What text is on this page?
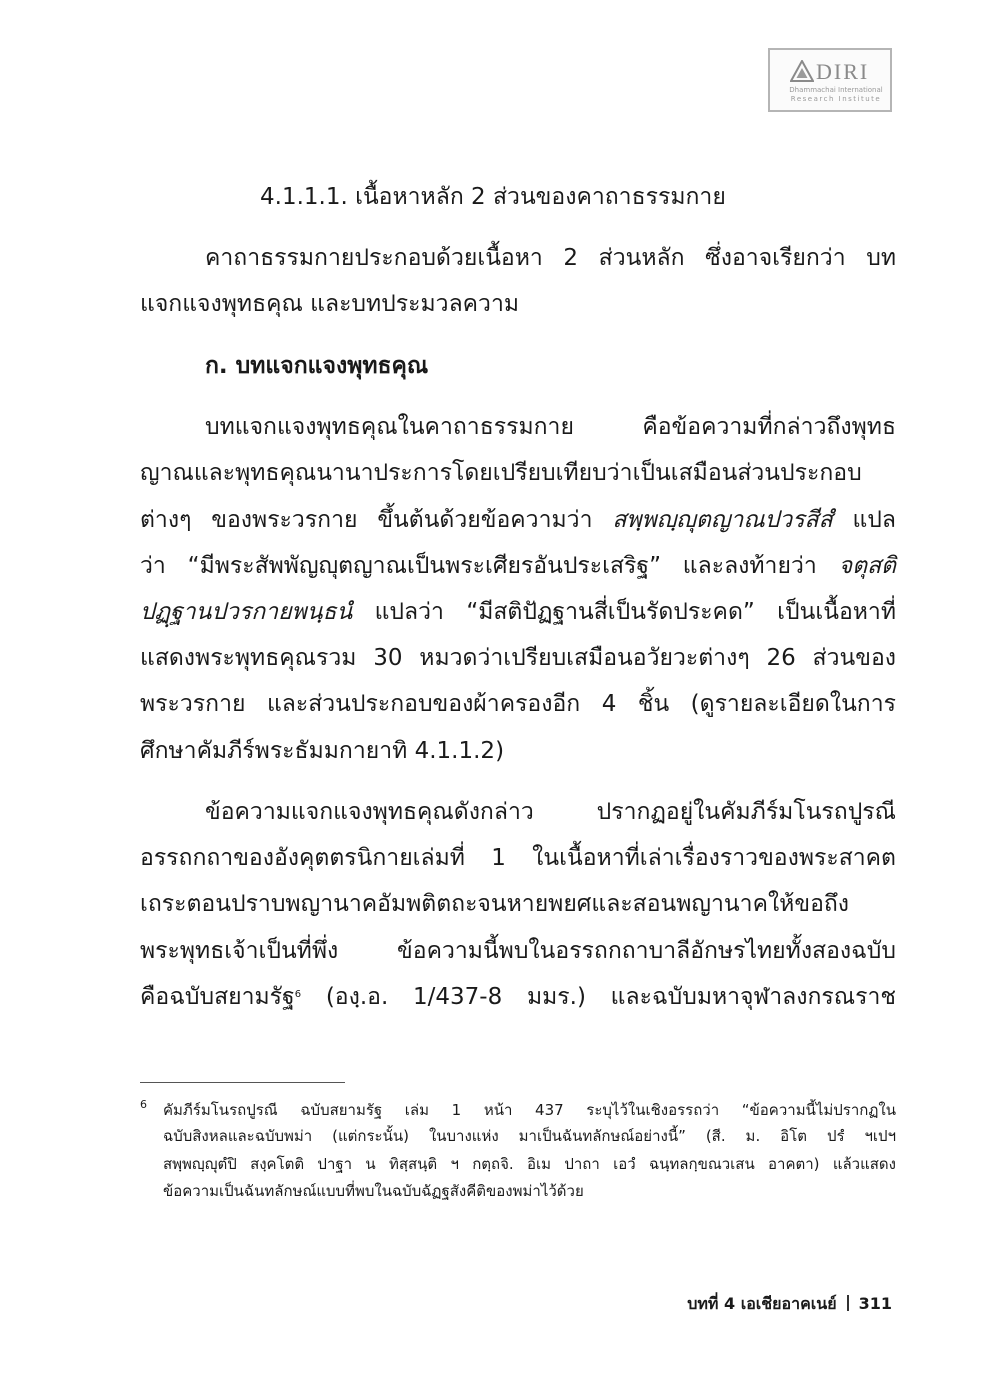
DIRI
Dhammachai International
Research Institute
4.1.1.1. เนื้อหาหลัก 2 ส่วนของคาถาธรรมกาย
คาถาธรรมกายประกอบด้วยเนื้อหา 2 ส่วนหลัก ซึ่งอาจเรียกว่า บท
แจกแจงพุทธคุณ และบทประมวลความ
ก. บทแจกแจงพุทธคุณ
บทแจกแจงพุทธคุณในคาถาธรรมกาย คือข้อความที่กล่าวถึงพุทธ
ญาณและพุทธคุณนานาประการโดยเปรียบเทียบว่าเป็นเสมือนส่วนประกอบ
ต่างๆ ของพระวรกาย ขึ้นต้นด้วยข้อความว่า สพฺพญฺญุตญาณปวรสีสํ แปล
ว่า “มีพระสัพพัญญุตญาณเป็นพระเศียรอันประเสริฐ” และลงท้ายว่า จตุสติ
ปฏฺฐานปวรกายพนฺธนํ แปลว่า “มีสติปัฏฐานสี่เป็นรัดประคด” เป็นเนื้อหาที่
แสดงพระพุทธคุณรวม 30 หมวดว่าเปรียบเสมือนอวัยวะต่างๆ 26 ส่วนของ
พระวรกาย และส่วนประกอบของผ้าครองอีก 4 ชิ้น (ดูรายละเอียดในการ
ศึกษาคัมภีร์พระธัมมกายาทิ 4.1.1.2)
ข้อความแจกแจงพุทธคุณดังกล่าว ปรากฏอยู่ในคัมภีร์มโนรถปูรณี
อรรถกถาของอังคุตตรนิกายเล่มที่ 1 ในเนื้อหาที่เล่าเรื่องราวของพระสาคต
เถระตอนปราบพญานาคอัมพติตถะจนหายพยศและสอนพญานาคให้ขอถึง
พระพุทธเจ้าเป็นที่พึ่ง ข้อความนี้พบในอรรถกถาบาลีอักษรไทยทั้งสองฉบับ
คือฉบับสยามรัฐ$^6$ (องฺ.อ. 1/437-8 มมร.) และฉบับมหาจุฬาลงกรณราช
6 คัมภีร์มโนรถปูรณี ฉบับสยามรัฐ เล่ม 1 หน้า 437 ระบุไว้ในเชิงอรรถว่า “ข้อความนี้ไม่ปรากฏใน
ฉบับสิงหลและฉบับพม่า (แต่กระนั้น) ในบางแห่ง มาเป็นฉันทลักษณ์อย่างนี้” (สี. ม. อิโต ปรํ ฯเปฯ
สพฺพญฺญุตํปิ สงฺคโตติ ปาฐา น ทิสฺสนฺติ ฯ กตฺถจิ. อิเม ปาถา เอวํ ฉนฺทลกฺขณวเสน อาคตา) แล้วแสดง
ข้อความเป็นฉันทลักษณ์แบบที่พบในฉบับฉัฏฐสังคีติของพม่าไว้ด้วย
บทที่ 4 เอเชียอาคเนย์ 311
